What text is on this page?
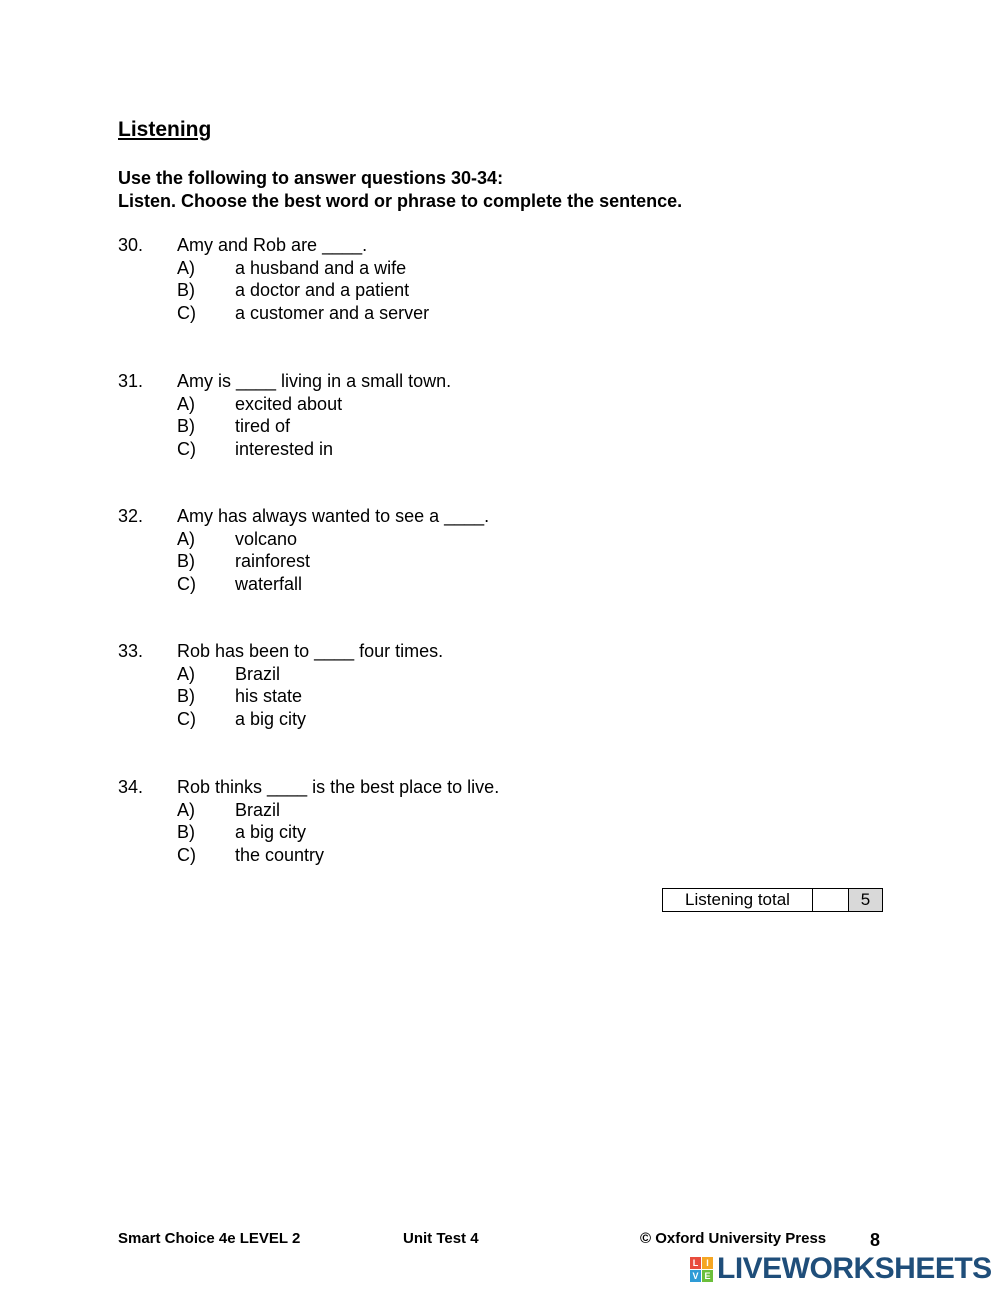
Listening
Use the following to answer questions 30-34:
Listen. Choose the best word or phrase to complete the sentence.
30. Amy and Rob are ____.
A) a husband and a wife
B) a doctor and a patient
C) a customer and a server
31. Amy is ____ living in a small town.
A) excited about
B) tired of
C) interested in
32. Amy has always wanted to see a ____.
A) volcano
B) rainforest
C) waterfall
33. Rob has been to ____ four times.
A) Brazil
B) his state
C) a big city
34. Rob thinks ____ is the best place to live.
A) Brazil
B) a big city
C) the country
Listening total	5
Smart Choice 4e LEVEL 2	Unit Test 4	© Oxford University Press 8
L I
V E LIVEWORKSHEETS
